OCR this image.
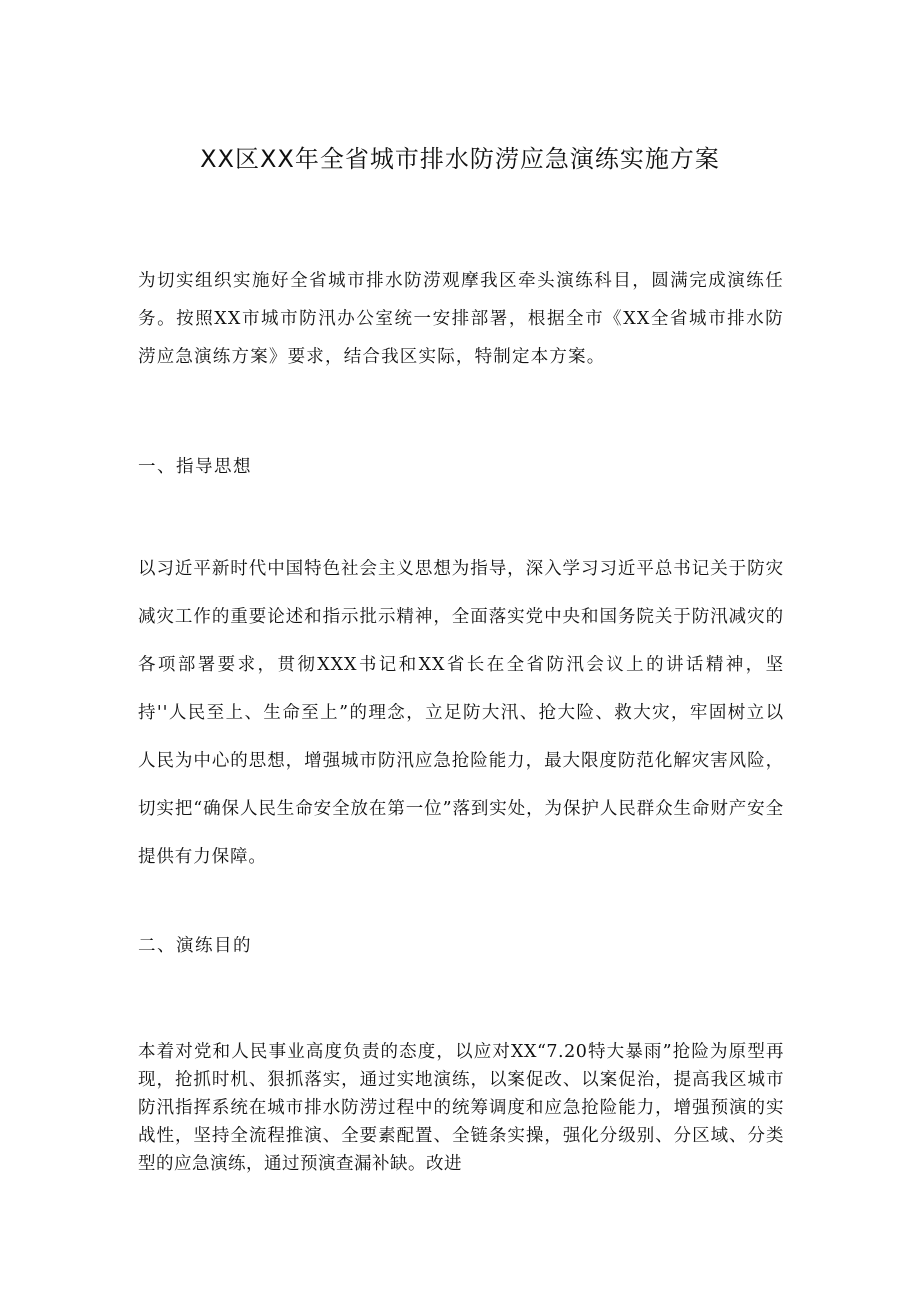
XX区XX年全省城市排水防涝应急演练实施方案

为切实组织实施好全省城市排水防涝观摩我区牵头演练科目，圆满完成演练任务。按照XX市城市防汛办公室统一安排部署，根据全市《XX全省城市排水防涝应急演练方案》要求，结合我区实际，特制定本方案。

一、指导思想

以习近平新时代中国特色社会主义思想为指导，深入学习习近平总书记关于防灾减灾工作的重要论述和指示批示精神，全面落实党中央和国务院关于防汛减灾的各项部署要求，贯彻XXX书记和XX省长在全省防汛会议上的讲话精神，坚持''人民至上、生命至上”的理念，立足防大汛、抢大险、救大灾，牢固树立以人民为中心的思想，增强城市防汛应急抢险能力，最大限度防范化解灾害风险，切实把“确保人民生命安全放在第一位”落到实处，为保护人民群众生命财产安全提供有力保障。

二、演练目的

本着对党和人民事业高度负责的态度，以应对XX“7.20特大暴雨”抢险为原型再现，抢抓时机、狠抓落实，通过实地演练，以案促改、以案促治，提高我区城市防汛指挥系统在城市排水防涝过程中的统筹调度和应急抢险能力，增强预演的实战性，坚持全流程推演、全要素配置、全链条实操，强化分级别、分区域、分类型的应急演练，通过预演查漏补缺。改进
